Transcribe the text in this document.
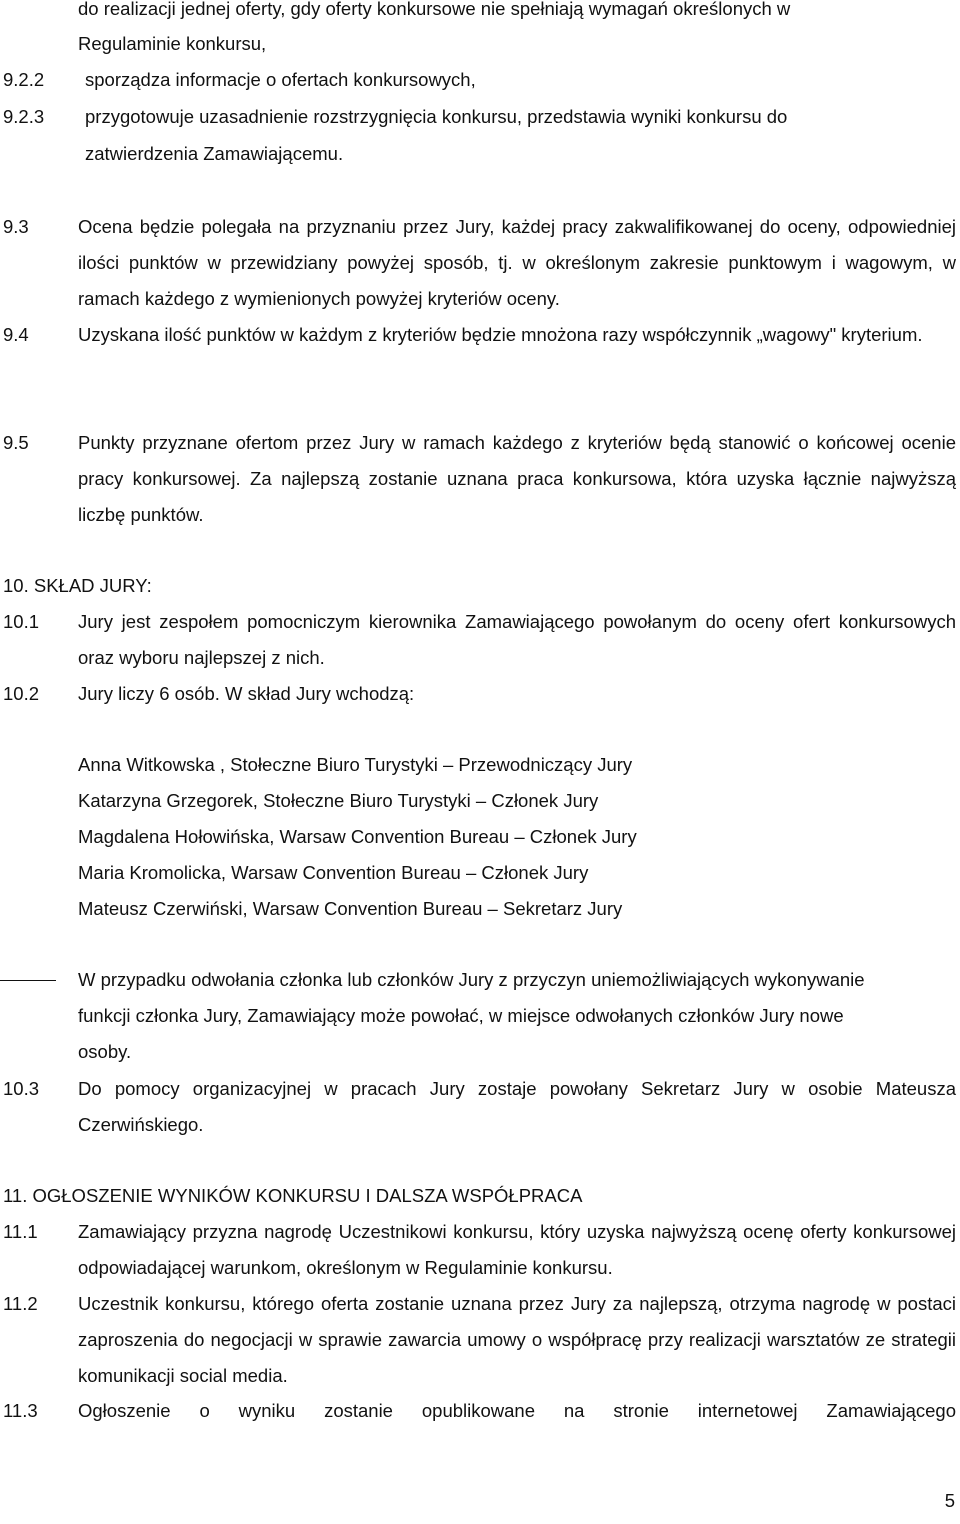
do realizacji jednej oferty, gdy oferty konkursowe nie spełniają wymagań określonych w
Regulaminie konkursu,
9.2.2 sporządza informacje o ofertach konkursowych,
9.2.3 przygotowuje uzasadnienie rozstrzygnięcia konkursu, przedstawia wyniki konkursu do
zatwierdzenia Zamawiającemu.
9.3	Ocena będzie polegała na przyznaniu przez Jury, każdej pracy zakwalifikowanej do oceny, odpowiedniej ilości punktów w przewidziany powyżej sposób, tj. w określonym zakresie punktowym i wagowym, w ramach każdego z wymienionych powyżej kryteriów oceny.
9.4	Uzyskana ilość punktów w każdym z kryteriów będzie mnożona razy współczynnik „wagowy" kryterium.
9.5	Punkty przyznane ofertom przez Jury w ramach każdego z kryteriów będą stanowić o końcowej ocenie pracy konkursowej. Za najlepszą zostanie uznana praca konkursowa, która uzyska łącznie najwyższą liczbę punktów.
10. SKŁAD JURY:
10.1 Jury jest zespołem pomocniczym kierownika Zamawiającego powołanym do oceny ofert konkursowych oraz wyboru najlepszej z nich.
10.2 Jury liczy 6 osób. W skład Jury wchodzą:
Anna Witkowska , Stołeczne Biuro Turystyki – Przewodniczący Jury
Katarzyna Grzegorek, Stołeczne Biuro Turystyki – Członek Jury
Magdalena Hołowińska, Warsaw Convention Bureau – Członek Jury
Maria Kromolicka, Warsaw Convention Bureau – Członek Jury
Mateusz Czerwiński, Warsaw Convention Bureau – Sekretarz Jury
W przypadku odwołania członka lub członków Jury z przyczyn uniemożliwiających wykonywanie funkcji członka Jury, Zamawiający może powołać, w miejsce odwołanych członków Jury nowe osoby.
10.3 Do pomocy organizacyjnej w pracach Jury zostaje powołany Sekretarz Jury w osobie Mateusza Czerwińskiego.
11. OGŁOSZENIE WYNIKÓW KONKURSU I DALSZA WSPÓŁPRACA
11.1 Zamawiający przyzna nagrodę Uczestnikowi konkursu, który uzyska najwyższą ocenę oferty konkursowej odpowiadającej warunkom, określonym w Regulaminie konkursu.
11.2 Uczestnik konkursu, którego oferta zostanie uznana przez Jury za najlepszą, otrzyma nagrodę w postaci zaproszenia do negocjacji w sprawie zawarcia umowy o współpracę przy realizacji warsztatów ze strategii komunikacji social media.
11.3 Ogłoszenie o wyniku zostanie opublikowane na stronie internetowej Zamawiającego
5
